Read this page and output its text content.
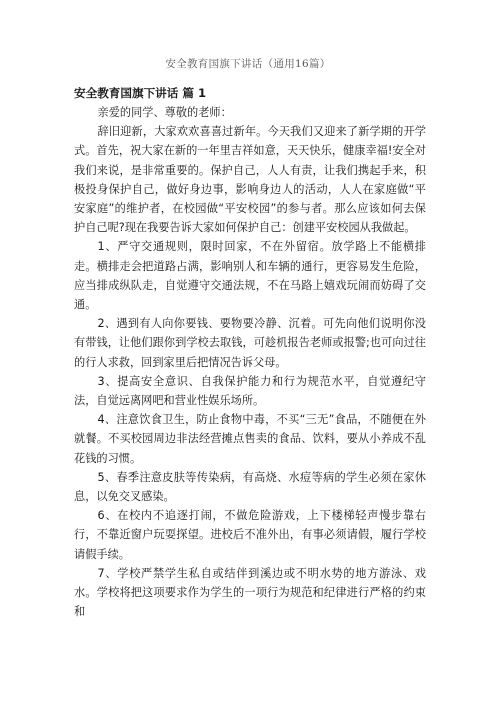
安全教育国旗下讲话（通用16篇）
安全教育国旗下讲话 篇 1

亲爱的同学、尊敬的老师：

辞旧迎新，大家欢欢喜喜过新年。今天我们又迎来了新学期的开学式。首先，祝大家在新的一年里吉祥如意，天天快乐，健康幸福!安全对我们来说，是非常重要的。保护自己，人人有责，让我们携起手来，积极投身保护自己，做好身边事，影响身边人的活动，人人在家庭做“平安家庭”的维护者，在校园做“平安校园”的参与者。那么应该如何去保护自己呢?现在我要告诉大家如何保护自己：创建平安校园从我做起。

1、严守交通规则，限时回家，不在外留宿。放学路上不能横排走。横排走会把道路占满，影响别人和车辆的通行，更容易发生危险，应当排成纵队走，自觉遵守交通法规，不在马路上嬉戏玩闹而妨碍了交通。

2、遇到有人向你要钱、要物要冷静、沉着。可先向他们说明你没有带钱，让他们跟你到学校去取钱，可趁机报告老师或报警;也可向过往的行人求救，回到家里后把情况告诉父母。

3、提高安全意识、自我保护能力和行为规范水平，自觉遵纪守法，自觉远离网吧和营业性娱乐场所。

4、注意饮食卫生，防止食物中毒，不买“三无”食品，不随便在外就餐。不买校园周边非法经营摊点售卖的食品、饮料，要从小养成不乱花钱的习惯。

5、春季注意皮肤等传染病，有高烧、水痘等病的学生必须在家休息，以免交叉感染。

6、在校内不追逐打闹，不做危险游戏，上下楼梯轻声慢步靠右行，不靠近窗户玩耍探望。进校后不准外出，有事必须请假，履行学校请假手续。

7、学校严禁学生私自或结伴到溪边或不明水势的地方游泳、戏水。学校将把这项要求作为学生的一项行为规范和纪律进行严格的约束和
